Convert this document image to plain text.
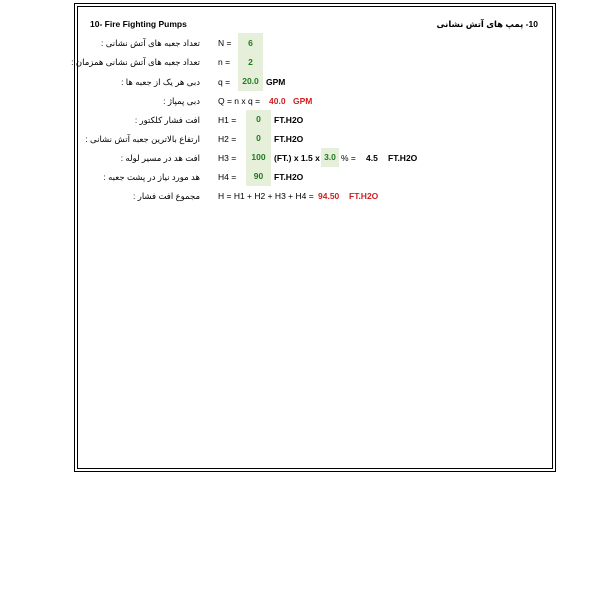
10- Fire Fighting Pumps	10- پمپ های آتش نشانی
تعداد جعبه های آتش نشانی : N =	6
تعداد جعبه های آتش نشانی همزمان : n =	2
دبی هر یک از جعبه ها : q =	20.0 GPM
دبی پمپاژ : Q = n x q = 40.0 GPM
افت فشار کلکتور : H1 =	0	FT.H2O
ارتفاع بالاترین جعبه آتش نشانی : H2 =	0	FT.H2O
افت هد در مسیر لوله : H3 =	100 (FT.) x 1.5 x 3.0 % = 4.5 FT.H2O
هد مورد نیاز در پشت جعبه : H4 =	90	FT.H2O
مجموع افت فشار : H = H1 + H2 + H3 + H4 = 94.50 FT.H2O
